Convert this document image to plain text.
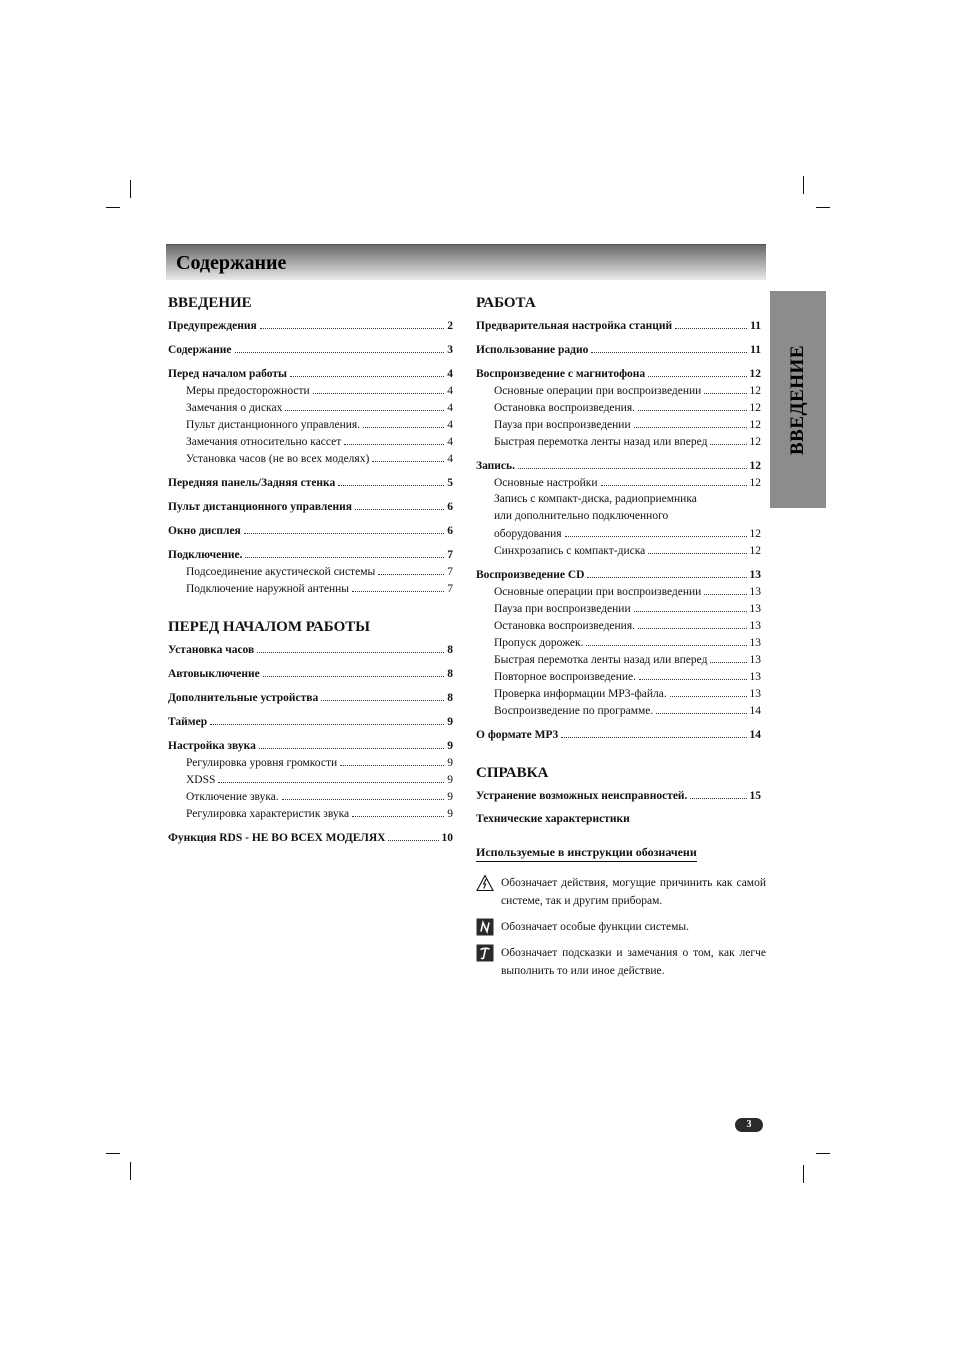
Содержание
ВВЕДЕНИЕ
ВВЕДЕНИЕ
Предупреждения	2
Содержание	3
Перед началом работы	4
Меры предосторожности	4
Замечания о дисках	4
Пульт дистанционного управления.	4
Замечания относительно кассет	4
Установка часов (не во всех моделях)	4
Передняя панель/Задняя стенка	5
Пульт дистанционного управления	6
Окно дисплея	6
Подключение.	7
Подсоединение акустической системы	7
Подключение наружной антенны	7
ПЕРЕД НАЧАЛОМ РАБОТЫ
Установка часов	8
Автовыключение	8
Дополнительные устройства	8
Таймер	9
Настройка звука	9
Регулировка уровня громкости	9
XDSS	9
Отключение звука.	9
Регулировка характеристик звука	9
Функция RDS - НЕ ВО ВСЕХ МОДЕЛЯХ	10
РАБОТА
Предварительная настройка станций	11
Использование радио	11
Воспроизведение с магнитофона	12
Основные операции при воспроизведении	12
Остановка воспроизведения.	12
Пауза при воспроизведении	12
Быстрая перемотка ленты назад или вперед	12
Запись.	12
Основные настройки	12
Запись с компакт-диска, радиоприемника
или дополнительно подключенного
оборудования	12
Синхрозапись с компакт-диска	12
Воспроизведение CD	13
Основные операции при воспроизведении	13
Пауза при воспроизведении	13
Остановка воспроизведения.	13
Пропуск дорожек.	13
Быстрая перемотка ленты назад или вперед	13
Повторное воспроизведение.	13
Проверка информации MP3-файла.	13
Воспроизведение по программе.	14
О формате MP3	14
СПРАВКА
Устранение возможных неисправностей.	15
Технические характеристики
Используемые в инструкции обозначени
Обозначает действия, могущие причинить как самой системе, так и другим приборам.
Обозначает особые функции системы.
Обозначает подсказки и замечания о том, как легче выполнить то или иное действие.
3
